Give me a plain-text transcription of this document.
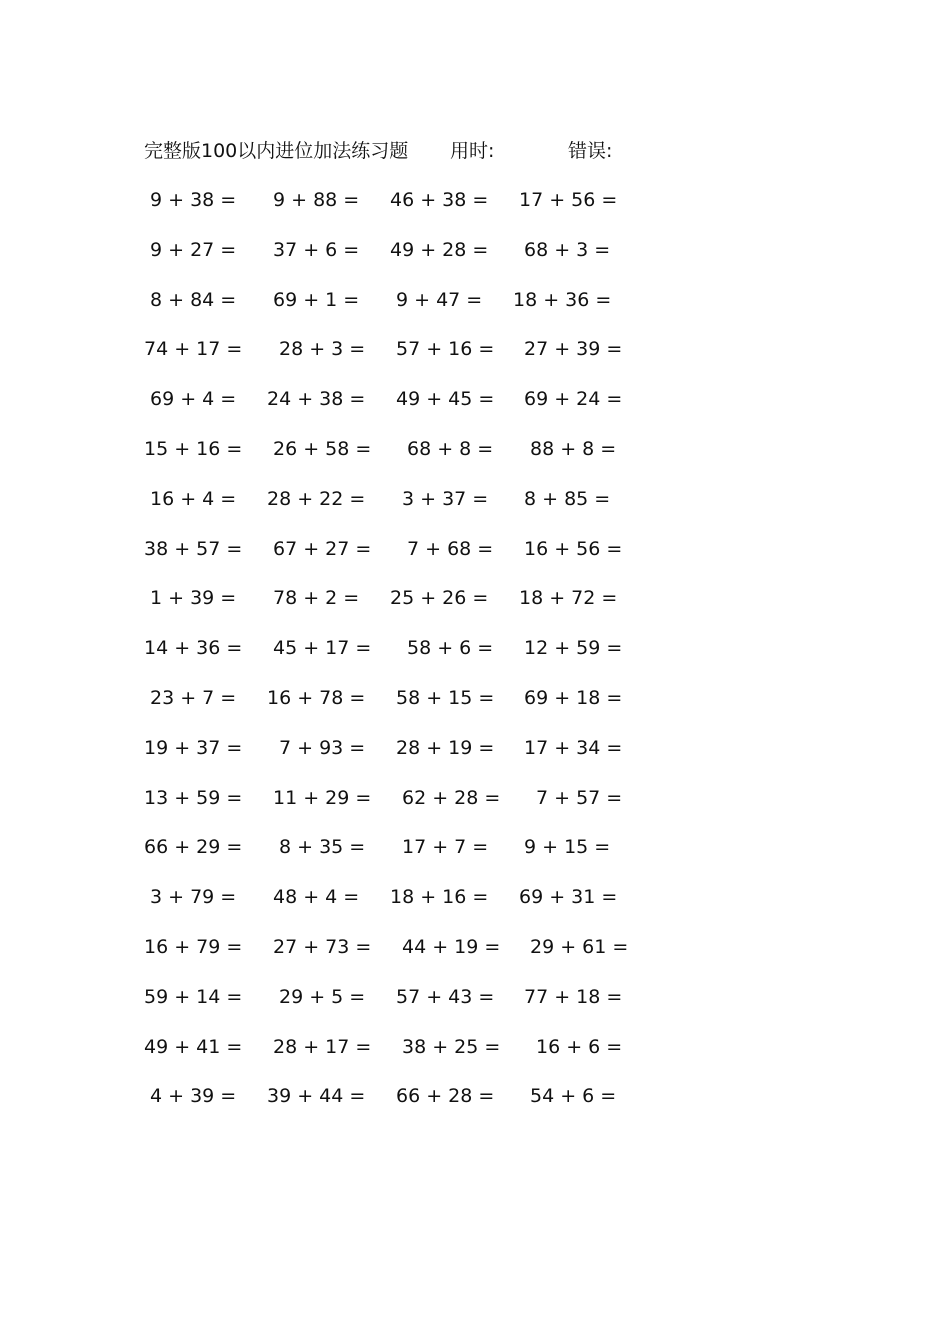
完整版100以内进位加法练习题 用时:	错误:
9 + 38 = 9 + 88 = 46 + 38 = 17 + 56 =
9 + 27 = 37 + 6 = 49 + 28 = 68 + 3 =
8 + 84 = 69 + 1 = 9 + 47 = 18 + 36 =
74 + 17 = 28 + 3 = 57 + 16 = 27 + 39 =
69 + 4 = 24 + 38 = 49 + 45 = 69 + 24 =
15 + 16 = 26 + 58 = 68 + 8 = 88 + 8 =
16 + 4 = 28 + 22 = 3 + 37 = 8 + 85 =
38 + 57 = 67 + 27 = 7 + 68 = 16 + 56 =
1 + 39 = 78 + 2 = 25 + 26 = 18 + 72 =
14 + 36 = 45 + 17 = 58 + 6 = 12 + 59 =
23 + 7 = 16 + 78 = 58 + 15 = 69 + 18 =
19 + 37 = 7 + 93 = 28 + 19 = 17 + 34 =
13 + 59 = 11 + 29 = 62 + 28 = 7 + 57 =
66 + 29 = 8 + 35 = 17 + 7 = 9 + 15 =
3 + 79 = 48 + 4 = 18 + 16 = 69 + 31 =
16 + 79 = 27 + 73 = 44 + 19 = 29 + 61 =
59 + 14 = 29 + 5 = 57 + 43 = 77 + 18 =
49 + 41 = 28 + 17 = 38 + 25 = 16 + 6 =
4 + 39 = 39 + 44 = 66 + 28 = 54 + 6 =
